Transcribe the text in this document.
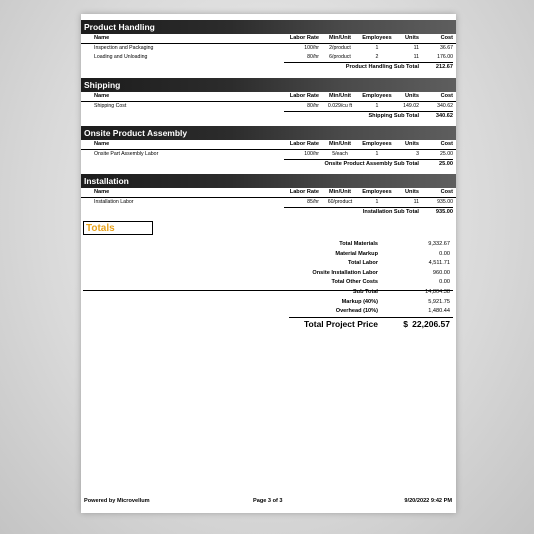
Product Handling
Name	Labor Rate	Min/Unit	Employees	Units	Cost
Inspection and Packaging	100/hr	2/product	1	11	36.67
Loading and Unloading	80/hr	6/product	2	11	176.00
Product Handling Sub Total	212.67
Shipping
Name	Labor Rate	Min/Unit	Employees	Units	Cost
Shipping Cost	80/hr	0.029/cu ft	1	149.02	340.62
Shipping Sub Total	340.62
Onsite Product Assembly
Name	Labor Rate	Min/Unit	Employees	Units	Cost
Onsite Part Assembly Labor	100/hr	5/each	1	3	25.00
Onsite Product Assembly Sub Total	25.00
Installation
Name	Labor Rate	Min/Unit	Employees	Units	Cost
Installation Labor	85/hr	60/product	1	11	935.00
Installation Sub Total	935.00
Totals
Total Materials	9,332.67
Material Markup	0.00
Total Labor	4,511.71
Onsite Installation Labor	960.00
Total Other Costs	0.00
Sub Total	14,804.38
Markup (40%)	5,921.75
Overhead (10%)	1,480.44
Total Project Price	$ 22,206.57
Powered by Microvellum	Page 3 of 3	9/20/2022 9:42 PM
